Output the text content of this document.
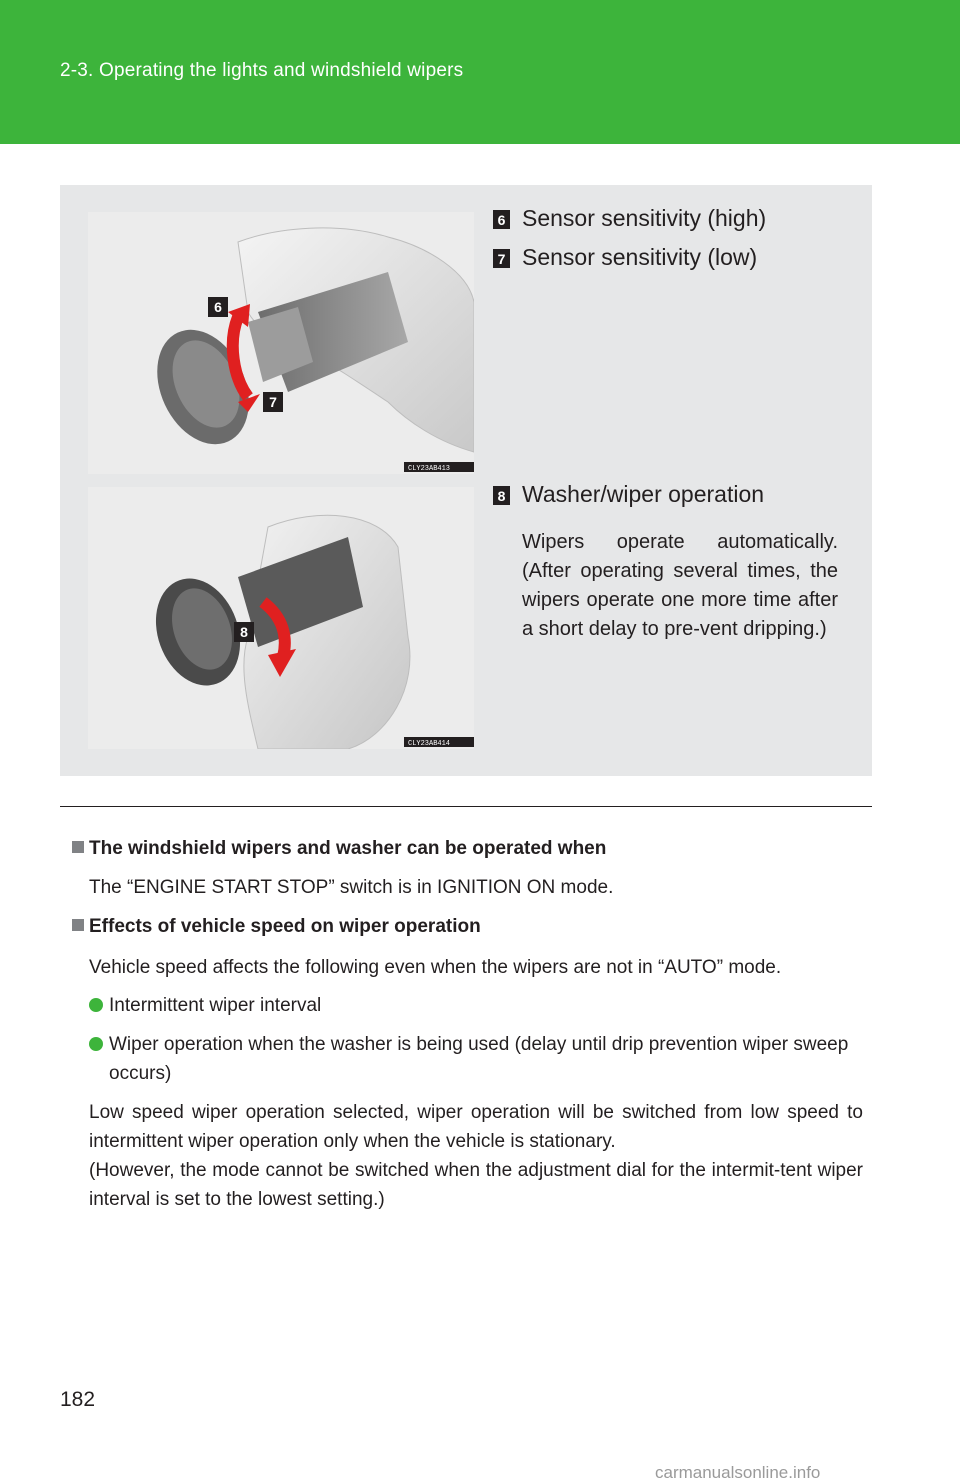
2-3. Operating the lights and windshield wipers
6
7
CLY23AB413
8
CLY23AB414
6 Sensor sensitivity (high)
7 Sensor sensitivity (low)
8 Washer/wiper operation
Wipers operate automatically. (After operating several times, the wipers operate one more time after a short delay to pre-vent dripping.)
The windshield wipers and washer can be operated when
The “ENGINE START STOP” switch is in IGNITION ON mode.
Effects of vehicle speed on wiper operation
Vehicle speed affects the following even when the wipers are not in “AUTO” mode.
Intermittent wiper interval
Wiper operation when the washer is being used (delay until drip prevention wiper sweep occurs)
Low speed wiper operation selected, wiper operation will be switched from low speed to intermittent wiper operation only when the vehicle is stationary.
(However, the mode cannot be switched when the adjustment dial for the intermit-tent wiper interval is set to the lowest setting.)
182
carmanualsonline.info
